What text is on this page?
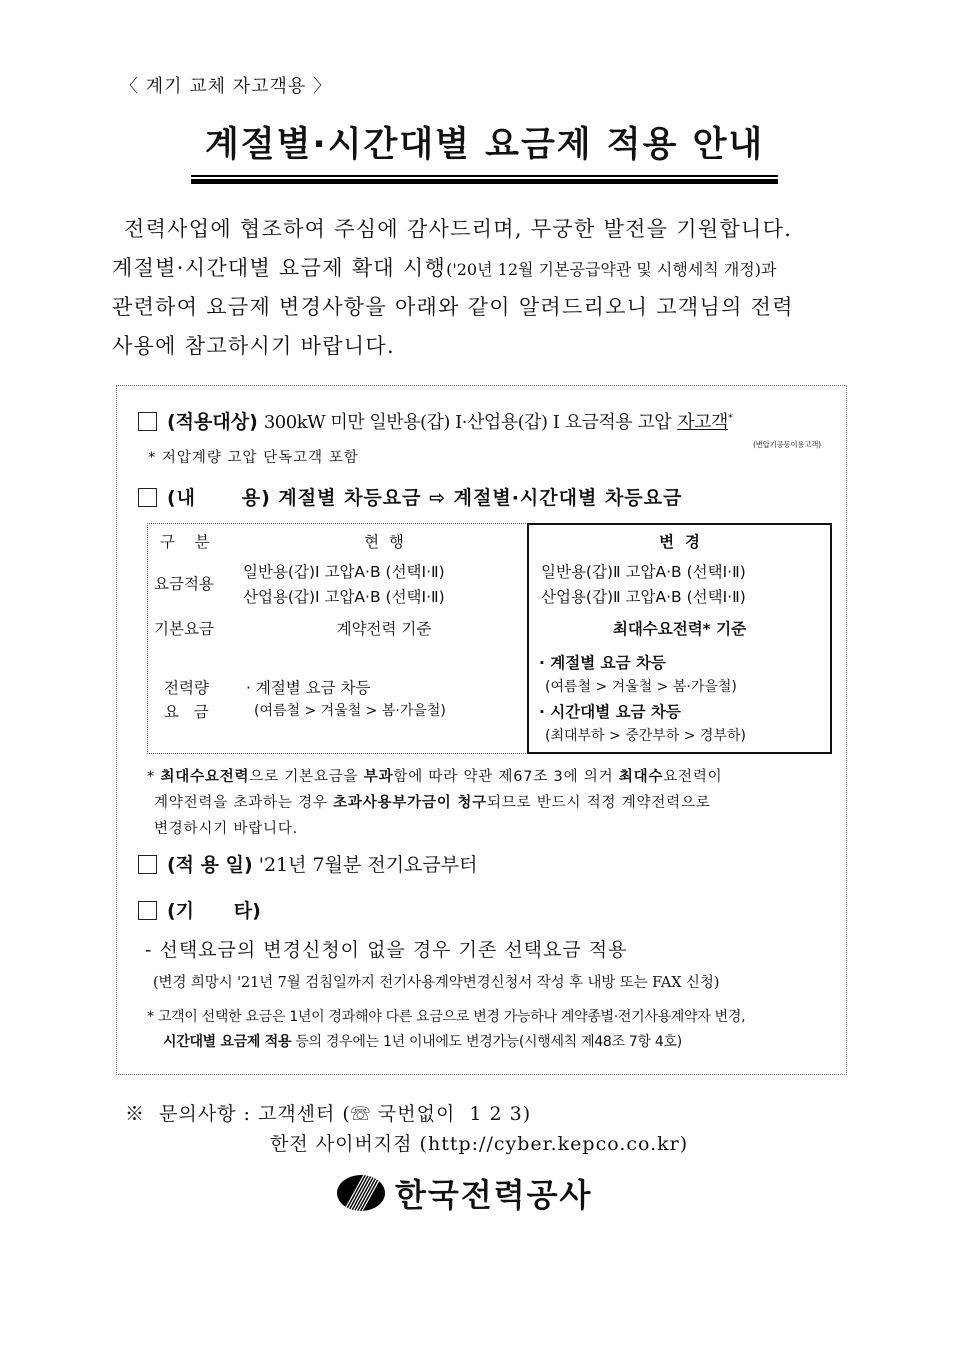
〈 계기 교체 자고객용 〉
계절별·시간대별 요금제 적용 안내
전력사업에 협조하여 주심에 감사드리며, 무궁한 발전을 기원합니다.
계절별·시간대별 요금제 확대 시행('20년 12월 기본공급약관 및 시행세칙 개정)과
관련하여 요금제 변경사항을 아래와 같이 알려드리오니 고객님의 전력
사용에 참고하시기 바랍니다.
(적용대상) 300kW 미만 일반용(갑) Ⅰ·산업용(갑) Ⅰ 요금적용 고압 자고객*
(변압기공동이용고객)
* 저압계량 고압 단독고객 포함
(내      용) 계절별 차등요금 ⇨ 계절별·시간대별 차등요금
구    분	현  행
요금적용
일반용(갑)Ⅰ 고압A·B (선택Ⅰ·Ⅱ)
산업용(갑)Ⅰ 고압A·B (선택Ⅰ·Ⅱ)
기본요금	계약전력 기준
전력량
요   금
· 계절별 요금 차등
(여름철 > 겨울철 > 봄·가을철)
변  경
일반용(갑)Ⅱ 고압A·B (선택Ⅰ·Ⅱ)
산업용(갑)Ⅱ 고압A·B (선택Ⅰ·Ⅱ)
최대수요전력* 기준
· 계절별 요금 차등
(여름철 > 겨울철 > 봄·가을철)
· 시간대별 요금 차등
(최대부하 > 중간부하 > 경부하)
* 최대수요전력으로 기본요금을 부과함에 따라 약관 제67조 3에 의거 최대수요전력이
계약전력을 초과하는 경우 초과사용부가금이 청구되므로 반드시 적정 계약전력으로
변경하시기 바랍니다.
(적 용 일) '21년 7월분 전기요금부터
(기      타)
- 선택요금의 변경신청이 없을 경우 기존 선택요금 적용
(변경 희망시 '21년 7월 검침일까지 전기사용계약변경신청서 작성 후 내방 또는 FAX 신청)
* 고객이 선택한 요금은 1년이 경과해야 다른 요금으로 변경 가능하나 계약종별·전기사용계약자 변경,
시간대별 요금제 적용 등의 경우에는 1년 이내에도 변경가능(시행세칙 제48조 7항 4호)
※  문의사항 : 고객센터 (☏ 국번없이  1 2 3)
한전 사이버지점 (http://cyber.kepco.co.kr)
한국전력공사
